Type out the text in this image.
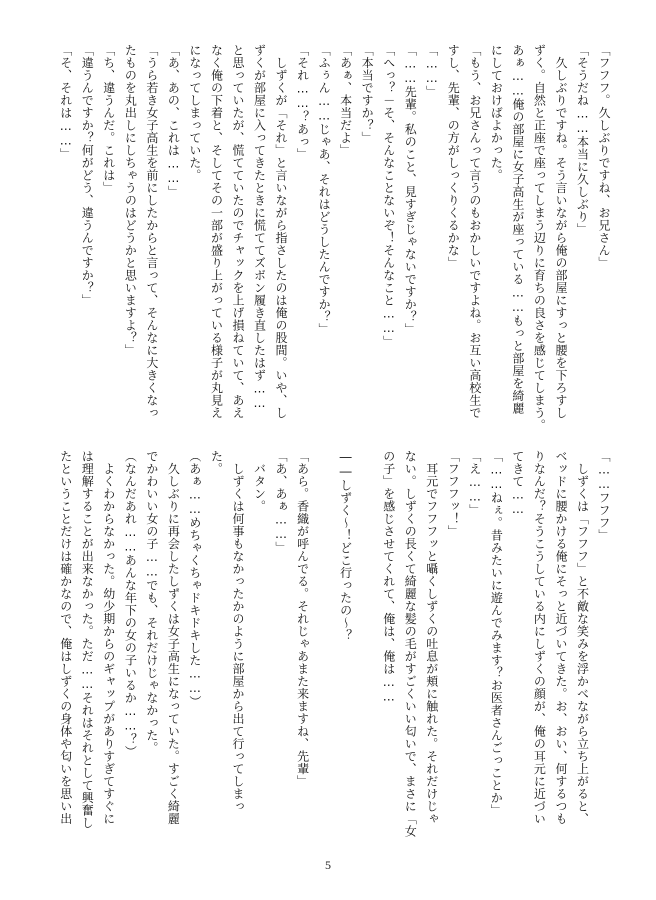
「フフフ。久しぶりですね、お兄さん」
「そうだね……本当に久しぶり」
　久しぶりですね。そう言いながら俺の部屋にすっと腰を下ろすし
ずく。自然と正座で座ってしまう辺りに育ちの良さを感じてしまう。
あぁ……俺の部屋に女子高生が座っている……もっと部屋を綺麗
にしておけばよかった。
「もう、お兄さんって言うのもおかしいですよね。お互い高校生で
すし、先輩、の方がしっくりくるかな」
「……」
「……先輩。私のこと、見すぎじゃないですか？」
「へっ？－そ、そんなことないぞ！そんなこと……」
「本当ですか？」
「あぁ、本当だよ」
「ふぅん……じゃあ、それはどうしたんですか？」
「それ……？あっ」
　しずくが「それ」と言いながら指さしたのは俺の股間。いや、し
ずくが部屋に入ってきたときに慌ててズボン履き直したはず……
と思っていたが、慌てていたのでチャックを上げ損ねていて、あえ
なく俺の下着と、そしてその一部が盛り上がっている様子が丸見え
になってしまっていた。
「あ、あの、これは……」
「うら若き女子高生を前にしたからと言って、そんなに大きくなっ
たものを丸出しにしちゃうのはどうかと思いますよ？」
「ち、違うんだ。これは」
「違うんですか？何がどう、違うんですか？」
「そ、それは……」
「……フフフ」
　しずくは「フフフ」と不敵な笑みを浮かべながら立ち上がると、
ベッドに腰かける俺にそっと近づいてきた。お、おい、何するつも
りなんだ？そうこうしている内にしずくの顔が、俺の耳元に近づい
てきて……
「……ねぇ。昔みたいに遊んでみます？お医者さんごっことか」
「え……」
「フフフッ！」
　耳元でフフフッと囁くしずくの吐息が頬に触れた。それだけじゃ
ない。しずくの長くて綺麗な髪の毛がすごくいい匂いで、まさに「女
の子」を感じさせてくれて、俺は、俺は……
――しずく～！どこ行ったの～？
「あら。香織が呼んでる。それじゃあまた来ますね、先輩」
「あ、あぁ……」
　バタン。
　しずくは何事もなかったかのように部屋から出て行ってしまっ
た。
（あぁ……めちゃくちゃドキドキした……）
　久しぶりに再会したしずくは女子高生になっていた。すごく綺麗
でかわいい女の子……でも、それだけじゃなかった。
（なんだあれ……あんな年下の女の子いるか……？）
　よくわからなかった。幼少期からのギャップがありすぎてすぐに
は理解することが出来なかった。ただ……それはそれとして興奮し
たということだけは確かなので、俺はしずくの身体や匂いを思い出
5
